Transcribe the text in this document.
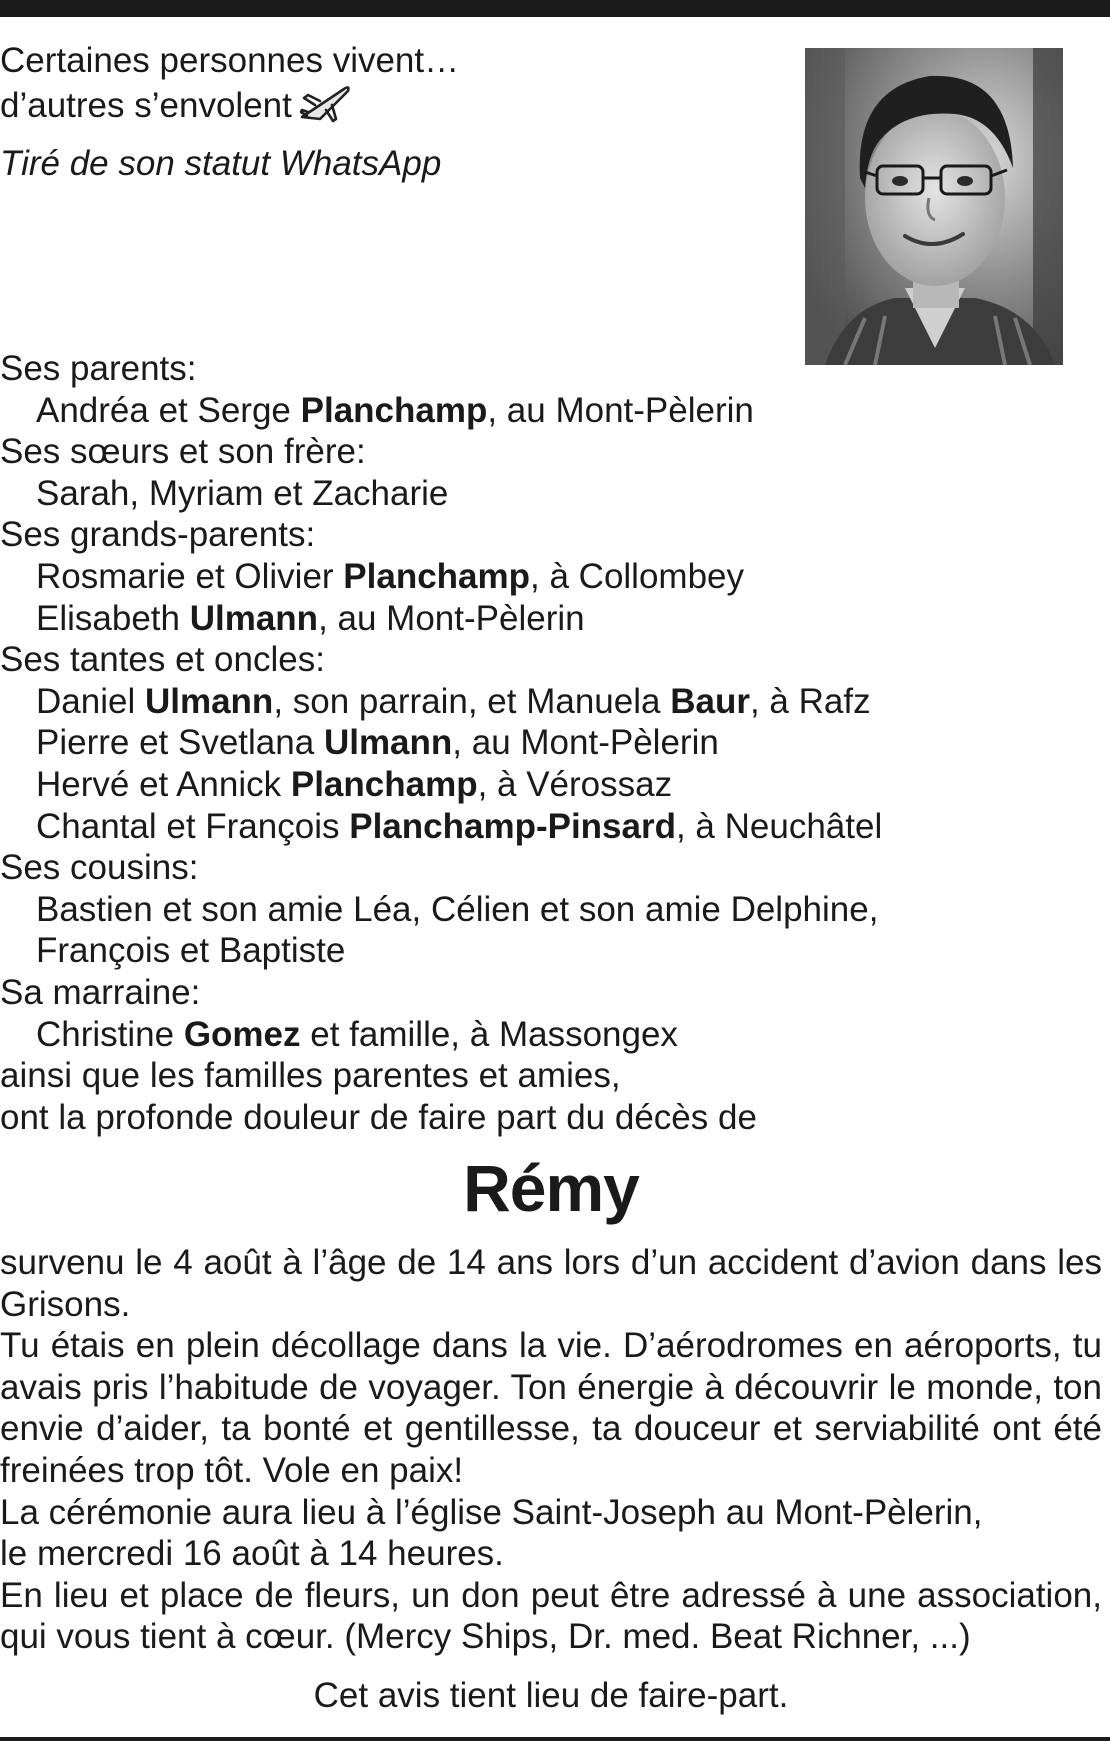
Certaines personnes vivent…
d’autres s’envolent
Tiré de son statut WhatsApp
Ses parents:
Andréa et Serge Planchamp, au Mont-Pèlerin
Ses sœurs et son frère:
Sarah, Myriam et Zacharie
Ses grands-parents:
Rosmarie et Olivier Planchamp, à Collombey
Elisabeth Ulmann, au Mont-Pèlerin
Ses tantes et oncles:
Daniel Ulmann, son parrain, et Manuela Baur, à Rafz
Pierre et Svetlana Ulmann, au Mont-Pèlerin
Hervé et Annick Planchamp, à Vérossaz
Chantal et François Planchamp-Pinsard, à Neuchâtel
Ses cousins:
Bastien et son amie Léa, Célien et son amie Delphine,
François et Baptiste
Sa marraine:
Christine Gomez et famille, à Massongex
ainsi que les familles parentes et amies,
ont la profonde douleur de faire part du décès de
Rémy

survenu le 4 août à l’âge de 14 ans lors d’un accident d’avion dans les Grisons.

Tu étais en plein décollage dans la vie. D’aérodromes en aéroports, tu avais pris l’habitude de voyager. Ton énergie à découvrir le monde, ton envie d’aider, ta bonté et gentillesse, ta douceur et serviabilité ont été freinées trop tôt. Vole en paix!

La cérémonie aura lieu à l’église Saint-Joseph au Mont-Pèlerin,

le mercredi 16 août à 14 heures.

En lieu et place de fleurs, un don peut être adressé à une association, qui vous tient à cœur. (Mercy Ships, Dr. med. Beat Richner, ...)

Cet avis tient lieu de faire-part.
